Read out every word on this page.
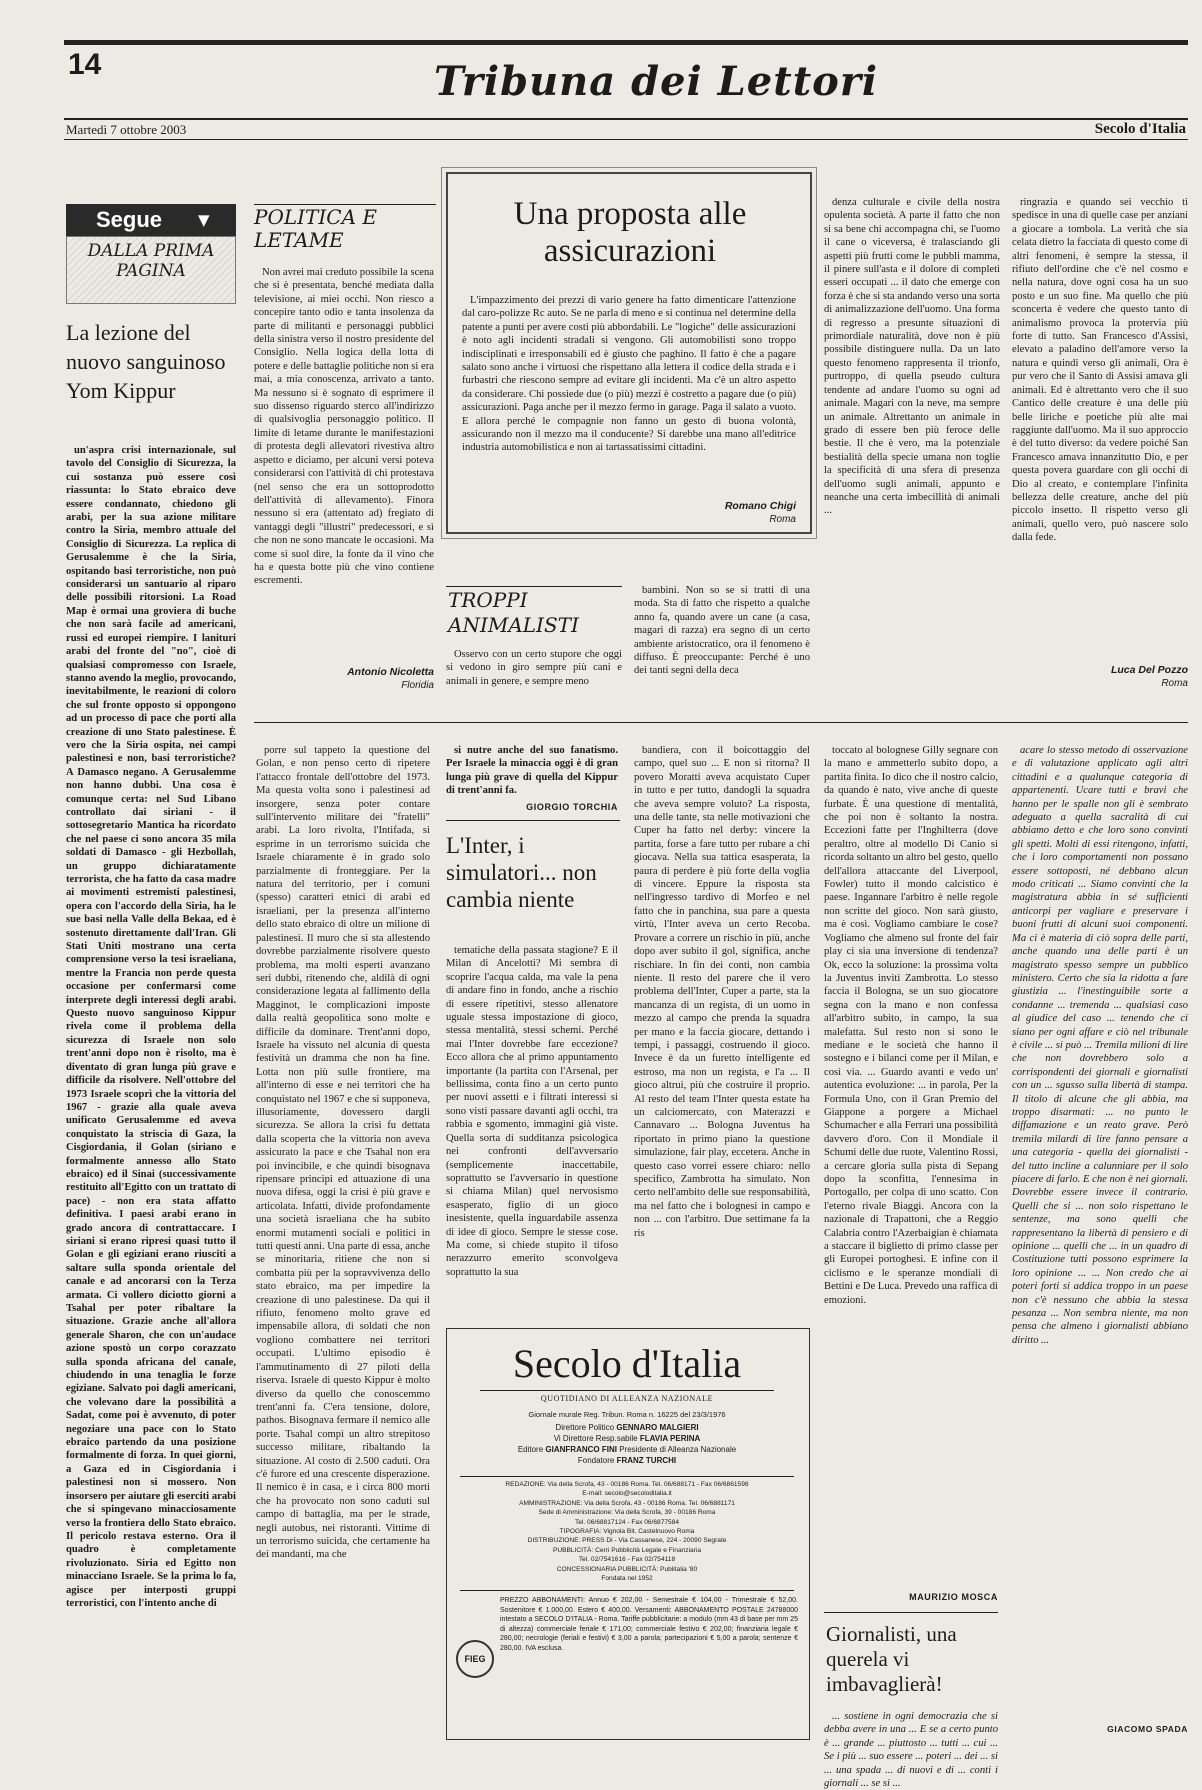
14	Tribuna dei Lettori
Martedì 7 ottobre 2003	Secolo d'Italia
Segue ▼
DALLA PRIMA PAGINA
La lezione del nuovo sanguinoso Yom Kippur

un'aspra crisi internazionale, sul tavolo del Consiglio di Sicurezza, la cui sostanza può essere così riassunta: lo Stato ebraico deve essere condannato, chiedono gli arabi, per la sua azione militare contro la Siria, membro attuale del Consiglio di Sicurezza. La replica di Gerusalemme è che la Siria, ospitando basi terroristiche, non può considerarsi un santuario al riparo delle possibili ritorsioni. La Road Map è ormai una groviera di buche che non sarà facile ad americani, russi ed europei riempire. I lanituri arabi del fronte del "no", cioè di qualsiasi compromesso con Israele, stanno avendo la meglio, provocando, inevitabilmente, le reazioni di coloro che sul fronte opposto si oppongono ad un processo di pace che porti alla creazione di uno Stato palestinese. È vero che la Siria ospita, nei campi palestinesi e non, basi terroristiche? A Damasco negano. A Gerusalemme non hanno dubbi. Una cosa è comunque certa: nel Sud Libano controllato dai siriani - il sottosegretario Mantica ha ricordato che nel paese ci sono ancora 35 mila soldati di Damasco - gli Hezbollah, un gruppo dichiaratamente terrorista, che ha fatto da casa madre ai movimenti estremisti palestinesi, opera con l'accordo della Siria, ha le sue basi nella Valle della Bekaa, ed è sostenuto direttamente dall'Iran. Gli Stati Uniti mostrano una certa comprensione verso la tesi israeliana, mentre la Francia non perde questa occasione per confermarsi come interprete degli interessi degli arabi. Questo nuovo sanguinoso Kippur rivela come il problema della sicurezza di Israele non solo trent'anni dopo non è risolto, ma è diventato di gran lunga più grave e difficile da risolvere. Nell'ottobre del 1973 Israele scoprì che la vittoria del 1967 - grazie alla quale aveva unificato Gerusalemme ed aveva conquistato la striscia di Gaza, la Cisgiordania, il Golan (siriano e formalmente annesso allo Stato ebraico) ed il Sinai (successivamente restituito all'Egitto con un trattato di pace) - non era stata affatto definitiva. I paesi arabi erano in grado ancora di contrattaccare. I siriani si erano ripresi quasi tutto il Golan e gli egiziani erano riusciti a saltare sulla sponda orientale del canale e ad ancorarsi con la Terza armata. Ci vollero diciotto giorni a Tsahal per poter ribaltare la situazione. Grazie anche all'allora generale Sharon, che con un'audace azione spostò un corpo corazzato sulla sponda africana del canale, chiudendo in una tenaglia le forze egiziane. Salvato poi dagli americani, che volevano dare la possibilità a Sadat, come poi è avvenuto, di poter negoziare una pace con lo Stato ebraico partendo da una posizione formalmente di forza. In quei giorni, a Gaza ed in Cisgiordania i palestinesi non si mossero. Non insorsero per aiutare gli eserciti arabi che si spingevano minacciosamente verso la frontiera dello Stato ebraico. Il pericolo restava esterno. Ora il quadro è completamente rivoluzionato. Siria ed Egitto non minacciano Israele. Se la prima lo fa, agisce per interposti gruppi terroristici, con l'intento anche di

POLITICA E LETAME

Non avrei mai creduto possibile la scena che si è presentata, benché mediata dalla televisione, ai miei occhi. Non riesco a concepire tanto odio e tanta insolenza da parte di militanti e personaggi pubblici della sinistra verso il nostro presidente del Consiglio. Nella logica della lotta di potere e delle battaglie politiche non si era mai, a mia conoscenza, arrivato a tanto. Ma nessuno si è sognato di esprimere il suo dissenso riguardo sterco all'indirizzo di qualsivoglia personaggio politico. Il limite di letame durante le manifestazioni di protesta degli allevatori rivestiva altro aspetto e diciamo, per alcuni versi poteva considerarsi con l'attività di chi protestava (nel senso che era un sottoprodotto dell'attività di allevamento). Finora nessuno si era (attentato ad) fregiato di vantaggi degli "illustri" predecessori, e sì che non ne sono mancate le occasioni. Ma come si suol dire, la fonte da il vino che ha e questa botte più che vino contiene escrementi.

Antonio Nicoletta
Floridia
Una proposta alle assicurazioni

L'impazzimento dei prezzi di vario genere ha fatto dimenticare l'attenzione dal caro-polizze Rc auto. Se ne parla di meno e si continua nel determine della patente a punti per avere costi più abbordabili. Le "logiche" delle assicurazioni è noto agli incidenti stradali si vengono. Gli automobilisti sono troppo indisciplinati e irresponsabili ed è giusto che paghino. Il fatto è che a pagare salato sono anche i virtuosi che rispettano alla lettera il codice della strada e i furbastri che riescono sempre ad evitare gli incidenti. Ma c'è un altro aspetto da considerare. Chi possiede due (o più) mezzi è costretto a pagare due (o più) assicurazioni. Paga anche per il mezzo fermo in garage. Paga il salato a vuoto. E allora perché le compagnie non fanno un gesto di buona volontà, assicurando non il mezzo ma il conducente? Si darebbe una mano all'editrice industria automobilistica e non ai tartassatissimi cittadini.

Romano Chigi
Roma
TROPPI ANIMALISTI

Osservo con un certo stupore che oggi si vedono in giro sempre più cani e animali in genere, e sempre meno

bambini. Non so se si tratti di una moda. Sta di fatto che rispetto a qualche anno fa, quando avere un cane (a casa, magari di razza) era segno di un certo ambiente aristocratico, ora il fenomeno è diffuso. È preoccupante: Perché è uno dei tanti segni della deca

denza culturale e civile della nostra opulenta società. A parte il fatto che non si sa bene chi accompagna chi, se l'uomo il cane o viceversa, è tralasciando gli aspetti più frutti come le pubbli mamma, il pinere sull'asta e il dolore di completi esseri occupati ... il dato che emerge con forza è che si sta andando verso una sorta di animalizzazione dell'uomo. Una forma di regresso a presunte situazioni di primordiale naturalità, dove non è più possibile distinguere nulla. Da un lato questo fenomeno rappresenta il trionfo, purtroppo, di quella pseudo cultura tendente ad andare l'uomo su ogni ad animale. Magari con la neve, ma sempre un animale. Altrettanto un animale in grado di essere ben più feroce delle bestie. Il che è vero, ma la potenziale bestialità della specie umana non toglie la specificità di una sfera di presenza dell'uomo sugli animali, appunto e neanche una certa imbecillità di animali ...

ringrazia e quando sei vecchio ti spedisce in una di quelle case per anziani a giocare a tombola. La verità che sia celata dietro la facciata di questo come di altri fenomeni, è sempre la stessa, il rifiuto dell'ordine che c'è nel cosmo e nella natura, dove ogni cosa ha un suo posto e un suo fine. Ma quello che più sconcerta è vedere che questo tanto di animalismo provoca la protervia più forte di tutto. San Francesco d'Assisi, elevato a paladino dell'amore verso la natura e quindi verso gli animali, Ora è pur vero che il Santo di Assisi amava gli animali. Ed è altrettanto vero che il suo Cantico delle creature è una delle più belle liriche e poetiche più alte mai raggiunte dall'uomo. Ma il suo approccio è del tutto diverso: da vedere poiché San Francesco amava innanzitutto Dio, e per questa povera guardare con gli occhi di Dio al creato, e contemplare l'infinita bellezza delle creature, anche del più piccolo insetto. Il rispetto verso gli animali, quello vero, può nascere solo dalla fede.

Luca Del Pozzo
Roma

porre sul tappeto la questione del Golan, e non penso certo di ripetere l'attacco frontale dell'ottobre del 1973. Ma questa volta sono i palestinesi ad insorgere, senza poter contare sull'intervento militare dei "fratelli" arabi. La loro rivolta, l'Intifada, si esprime in un terrorismo suicida che Israele chiaramente è in grado solo parzialmente di fronteggiare. Per la natura del territorio, per i comuni (spesso) caratteri etnici di arabi ed israeliani, per la presenza all'interno dello stato ebraico di oltre un milione di palestinesi. Il muro che si sta allestendo dovrebbe parzialmente risolvere questo problema, ma molti esperti avanzano seri dubbi, ritenendo che, aldilà di ogni considerazione legata al fallimento della Magginot, le complicazioni imposte dalla realtà geopolitica sono molte e difficile da dominare. Trent'anni dopo, Israele ha vissuto nel alcunia di questa festività un dramma che non ha fine. Lotta non più sulle frontiere, ma all'interno di esse e nei territori che ha conquistato nel 1967 e che si supponeva, illusoriamente, dovessero dargli sicurezza. Se allora la crisi fu dettata dalla scoperta che la vittoria non aveva assicurato la pace e che Tsahal non era poi invincibile, e che quindi bisognava ripensare principi ed attuazione di una nuova difesa, oggi la crisi è più grave e articolata. Infatti, divide profondamente una società israeliana che ha subito enormi mutamenti sociali e politici in tutti questi anni. Una parte di essa, anche se minoritaria, ritiene che non si combatta più per la sopravvivenza dello stato ebraico, ma per impedire la creazione di uno palestinese. Da qui il rifiuto, fenomeno molto grave ed impensabile allora, di soldati che non vogliono combattere nei territori occupati. L'ultimo episodio è l'ammutinamento di 27 piloti della riserva. Israele di questo Kippur è molto diverso da quello che conoscemmo trent'anni fa. C'era tensione, dolore, pathos. Bisognava fermare il nemico alle porte. Tsahal compì un altro strepitoso successo militare, ribaltando la situazione. Al costo di 2.500 caduti. Ora c'è furore ed una crescente disperazione. Il nemico è in casa, e i circa 800 morti che ha provocato non sono caduti sul campo di battaglia, ma per le strade, negli autobus, nei ristoranti. Vittime di un terrorismo suicida, che certamente ha dei mandanti, ma che

si nutre anche del suo fanatismo. Per Israele la minaccia oggi è di gran lunga più grave di quella del Kippur di trent'anni fa.

GIORGIO TORCHIA
L'Inter, i simulatori... non cambia niente

tematiche della passata stagione? E il Milan di Ancelotti? Mi sembra di scoprire l'acqua calda, ma vale la pena di andare fino in fondo, anche a rischio di essere ripetitivi, stesso allenatore uguale stessa impostazione di gioco, stessa mentalità, stessi schemi. Perché mai l'Inter dovrebbe fare eccezione? Ecco allora che al primo appuntamento importante (la partita con l'Arsenal, per bellissima, conta fino a un certo punto per nuovi assetti e i filtrati interessi si sono visti passare davanti agli occhi, tra rabbia e sgomento, immagini già viste. Quella sorta di sudditanza psicologica nei confronti dell'avversario (semplicemente inaccettabile, soprattutto se l'avversario in questione si chiama Milan) quel nervosismo esasperato, figlio di un gioco inesistente, quella inguardabile assenza di idee di gioco. Sempre le stesse cose. Ma come, si chiede stupito il tifoso nerazzurro emerito sconvolgeva soprattutto la sua

bandiera, con il boicottaggio del campo, quel suo ... E non si ritorna? Il povero Moratti aveva acquistato Cuper in tutto e per tutto, dandogli la squadra che aveva sempre voluto? La risposta, una delle tante, sta nelle motivazioni che Cuper ha fatto nel derby: vincere la partita, forse a fare tutto per rubare a chi giocava. Nella sua tattica esasperata, la paura di perdere è più forte della voglia di vincere. Eppure la risposta sta nell'ingresso tardivo di Morfeo e nel fatto che in panchina, sua pare a questa virtù, l'Inter aveva un certo Recoba. Provare a correre un rischio in più, anche dopo aver subito il gol, significa, anche rischiare. In fin dei conti, non cambia niente. Il resto del parere che il vero problema dell'Inter, Cuper a parte, sta la mancanza di un regista, di un uomo in mezzo al campo che prenda la squadra per mano e la faccia giocare, dettando i tempi, i passaggi, costruendo il gioco. Invece è da un furetto intelligente ed estroso, ma non un regista, e l'a ... Il gioco altrui, più che costruire il proprio. Al resto del team l'Inter questa estate ha un calciomercato, con Materazzi e Cannavaro ... Bologna Juventus ha riportato in primo piano la questione simulazione, fair play, eccetera. Anche in questo caso vorrei essere chiaro: nello specifico, Zambrotta ha simulato. Non certo nell'ambito delle sue responsabilità, ma nel fatto che i bolognesi in campo e non ... con l'arbitro. Due settimane fa la ris

toccato al bolognese Gilly segnare con la mano e ammetterlo subito dopo, a partita finita. Io dico che il nostro calcio, da quando è nato, vive anche di queste furbate. È una questione di mentalità, che poi non è soltanto la nostra. Eccezioni fatte per l'Inghilterra (dove peraltro, oltre al modello Di Canio si ricorda soltanto un altro bel gesto, quello dell'allora attaccante del Liverpool, Fowler) tutto il mondo calcistico è paese. Ingannare l'arbitro è nelle regole non scritte del gioco. Non sarà giusto, ma è così. Vogliamo cambiare le cose? Vogliamo che almeno sul fronte del fair play ci sia una inversione di tendenza? Ok, ecco la soluzione: la prossima volta la Juventus inviti Zambrotta. Lo stesso faccia il Bologna, se un suo giocatore segna con la mano e non confessa all'arbitro subito, in campo, la sua malefatta. Sul resto non si sono le mediane e le società che hanno il sostegno e i bilanci come per il Milan, e così via. ... Guardo avanti e vedo un' autentica evoluzione: ... in parola, Per la Formula Uno, con il Gran Premio del Giappone a porgere a Michael Schumacher e alla Ferrari una possibilità davvero d'oro. Con il Mondiale il Schumi delle due ruote, Valentino Rossi, a cercare gloria sulla pista di Sepang dopo la sconfitta, l'ennesima in Portogallo, per colpa di uno scatto. Con l'eterno rivale Biaggi. Ancora con la nazionale di Trapattoni, che a Reggio Calabria contro l'Azerbaigian è chiamata a staccare il biglietto di primo classe per gli Europei portoghesi. E infine con il ciclismo e le speranze mondiali di Bettini e De Luca. Prevedo una raffica di emozioni.

MAURIZIO MOSCA

acare lo stesso metodo di osservazione e di valutazione applicato agli altri cittadini e a qualunque categoria di appartenenti. Ucare tutti e bravi che hanno per le spalle non gli è sembrato adeguato a quella sacralità di cui abbiamo detto e che loro sono convinti gli spetti. Molti di essi ritengono, infatti, che i loro comportamenti non possano essere sottoposti, né debbano alcun modo criticati ... Siamo convinti che la magistratura abbia in sé sufficienti anticorpi per vagliare e preservare i buoni frutti di alcuni suoi componenti. Ma ci è materia di ciò sopra delle parti, anche quando una delle parti è un magistrato spesso sempre un pubblico ministero. Certo che sia la ridotta a fare giustizia ... l'inestinguibile sorte a condanne ... tremenda ... qualsiasi caso al giudice del caso ... tenendo che ci siano per ogni affare e ciò nel tribunale è civile ... si può ... Tremila milioni di lire che non dovrebbero solo a corrispondenti dei giornali e giornalisti con un ... sgusso sulla libertà di stampa. Il titolo di alcune che gli abbia, ma troppo disarmati: ... no punto le diffamazione e un reato grave. Però tremila milardi di lire fanno pensare a una categoria - quella dei giornalisti - del tutto incline a calunniare per il solo piacere di farlo. E che non è nei giornali. Dovrebbe essere invece il contrario. Quelli che si ... non solo rispettano le sentenze, ma sono quelli che rappresentano la libertà di pensiero e di opinione ... quelli che ... in un quadro di Costituzione tutti possono esprimere la loro opinione ... ... Non credo che ai poteri forti si addica troppo in un paese non c'è nessuno che abbia la stessa pesanza ... Non sembra niente, ma non pensa che almeno i giornalisti abbiano diritto ...

Giornalisti, una querela vi imbavaglierà!

... sostiene in ogni democrazia che si debba avere in una ... E se a certo punto è ... grande ... piuttosto ... tutti ... cui ... Se i più ... suo essere ... poteri ... dei ... si ... una spada ... di nuovi e di ... conti i giornali ... se si ...

GIACOMO SPADA
Secolo d'Italia
QUOTIDIANO DI ALLEANZA NAZIONALE
Giornale murale Reg. Tribun. Roma n. 16225 del 23/3/1976
Direttore Politico GENNARO MALGIERI
Vi Direttore Resp.sabile FLAVIA PERINA
Editore GIANFRANCO FINI Presidente di Alleanza Nazionale
Fondatore FRANZ TURCHI
REDAZIONE: Via della Scrofa, 43 - 00186 Roma. Tel. 06/688171 - Fax 06/6861598
E-mail: secolo@secoloditalia.it
AMMINISTRAZIONE: Via della Scrofa, 43 - 00186 Roma. Tel. 06/6881171
Sede di Amministrazione: Via della Scrofa, 39 - 00186 Roma
Tel. 06/68817124 - Fax 06/6877584
TIPOGRAFIA: Vignola Bit. Castelnuovo Roma
DISTRIBUZIONE: PRESS Di - Via Cassanese, 224 - 20090 Segrate
PUBBLICITÀ: Cerri Pubblicità Legale e Finanziaria
Tel. 02/7541616 - Fax 02/754118
CONCESSIONARIA PUBBLICITÀ: Publitalia '80
Fondata nel 1952
FIEG
PREZZO ABBONAMENTI: Annuo € 202,00 - Semestrale € 104,00 - Trimestrale € 52,00. Sostenitore € 1.000,00. Estero € 400,00. Versamenti: ABBONAMENTO POSTALE 24788000 intestato a SECOLO D'ITALIA - Roma. Tariffe pubblicitarie: a modulo (mm 43 di base per mm 25 di altezza) commerciale feriale € 171,00; commerciale festivo € 202,00; finanziaria legale € 280,00; necrologie (feriali e festivi) € 3,00 a parola; partecipazioni € 5,00 a parola; sentenze € 280,00. IVA esclusa.
